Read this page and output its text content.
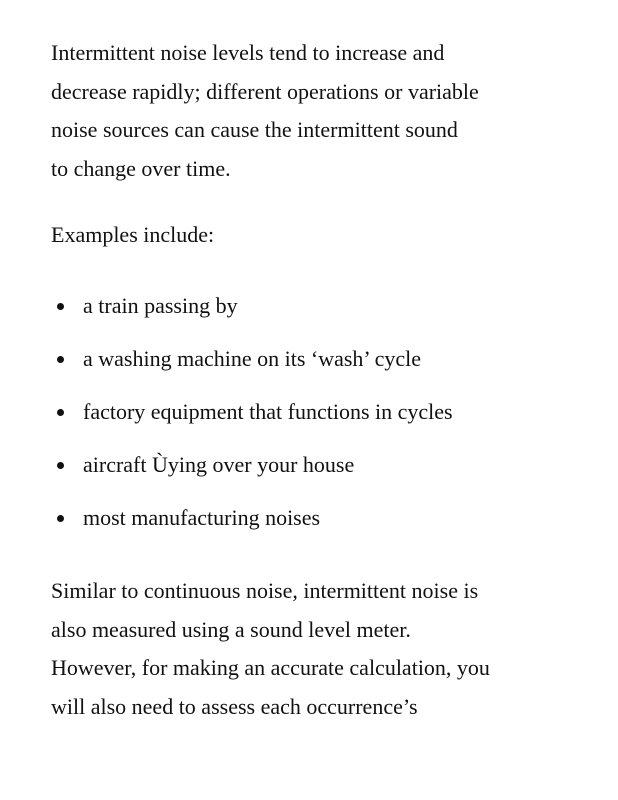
Intermittent noise levels tend to increase and

decrease rapidly; different operations or variable

noise sources can cause the intermittent sound

to change over time.

Examples include:

a train passing by
a washing machine on its ‘wash’ cycle
factory equipment that functions in cycles
aircraft Ùying over your house
most manufacturing noises

Similar to continuous noise, intermittent noise is

also measured using a sound level meter.

However, for making an accurate calculation, you

will also need to assess each occurrence’s
